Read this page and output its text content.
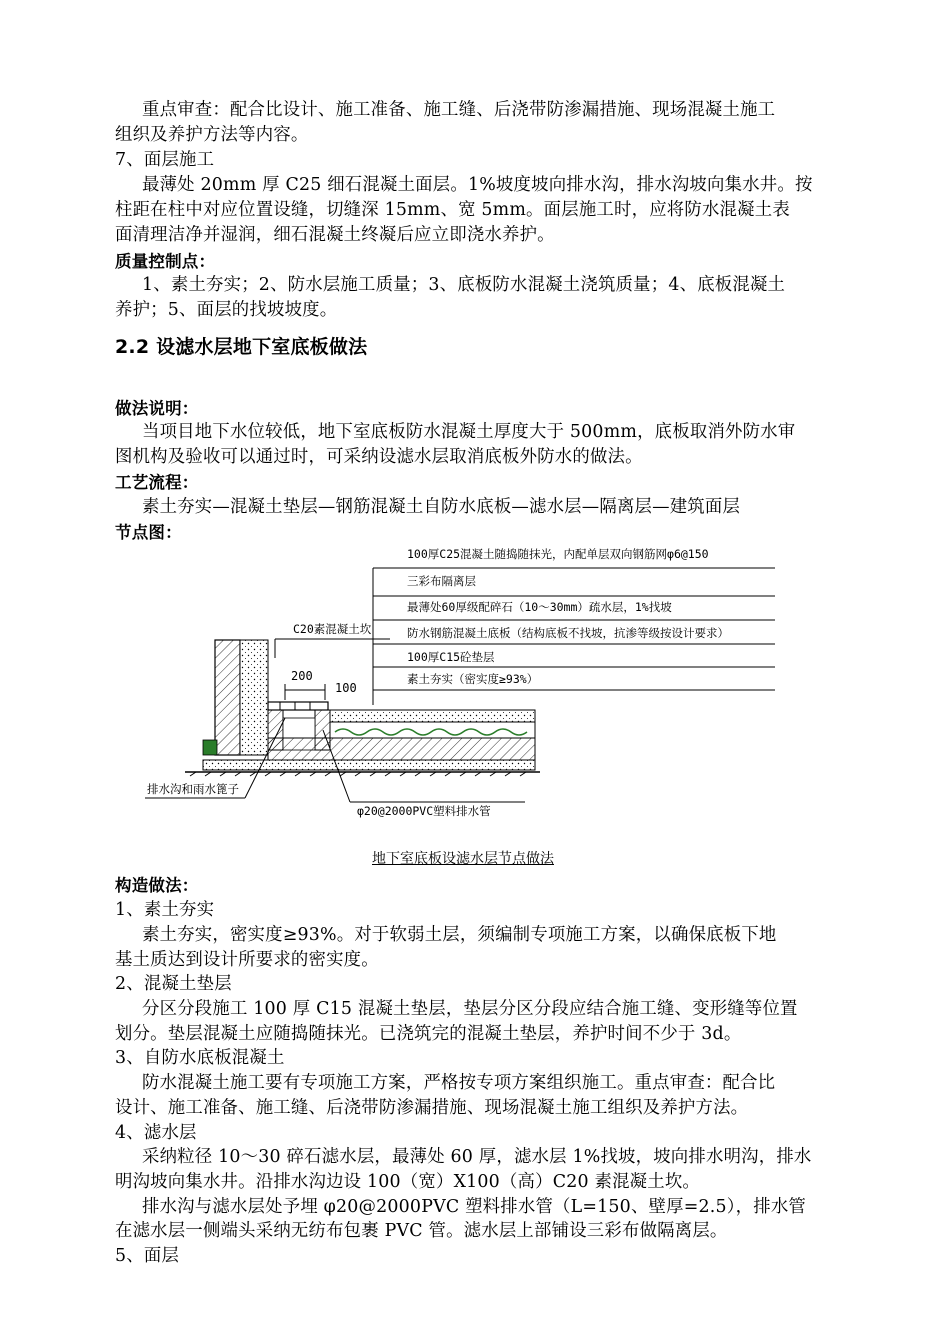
重点审查：配合比设计、施工准备、施工缝、后浇带防渗漏措施、现场混凝土施工
组织及养护方法等内容。
7、面层施工
最薄处 20mm 厚 C25 细石混凝土面层。1%坡度坡向排水沟，排水沟坡向集水井。按
柱距在柱中对应位置设缝，切缝深 15mm、宽 5mm。面层施工时，应将防水混凝土表
面清理洁净并湿润，细石混凝土终凝后应立即浇水养护。
质量控制点：
1、素土夯实；2、防水层施工质量；3、底板防水混凝土浇筑质量；4、底板混凝土
养护；5、面层的找坡坡度。
2.2 设滤水层地下室底板做法
做法说明：
当项目地下水位较低，地下室底板防水混凝土厚度大于 500mm，底板取消外防水审
图机构及验收可以通过时，可采纳设滤水层取消底板外防水的做法。
工艺流程：
素土夯实—混凝土垫层—钢筋混凝土自防水底板—滤水层—隔离层—建筑面层
节点图：
100厚C25混凝土随捣随抹光，内配单层双向钢筋网φ6@150
三彩布隔离层
最薄处60厚级配碎石（10～30mm）疏水层，1%找坡
防水钢筋混凝土底板（结构底板不找坡，抗渗等级按设计要求）
100厚C15砼垫层
素土夯实（密实度≥93%）
C20素混凝土坎
200
100
排水沟和雨水篦子
φ20@2000PVC塑料排水管
地下室底板设滤水层节点做法
构造做法：
1、素土夯实
素土夯实，密实度≥93%。对于软弱土层，须编制专项施工方案，以确保底板下地
基土质达到设计所要求的密实度。
2、混凝土垫层
分区分段施工 100 厚 C15 混凝土垫层，垫层分区分段应结合施工缝、变形缝等位置
划分。垫层混凝土应随捣随抹光。已浇筑完的混凝土垫层，养护时间不少于 3d。
3、自防水底板混凝土
防水混凝土施工要有专项施工方案，严格按专项方案组织施工。重点审查：配合比
设计、施工准备、施工缝、后浇带防渗漏措施、现场混凝土施工组织及养护方法。
4、滤水层
采纳粒径 10～30 碎石滤水层，最薄处 60 厚，滤水层 1%找坡，坡向排水明沟，排水
明沟坡向集水井。沿排水沟边设 100（宽）X100（高）C20 素混凝土坎。
排水沟与滤水层处予埋 φ20@2000PVC 塑料排水管（L=150、壁厚=2.5），排水管
在滤水层一侧端头采纳无纺布包裹 PVC 管。滤水层上部铺设三彩布做隔离层。
5、面层
